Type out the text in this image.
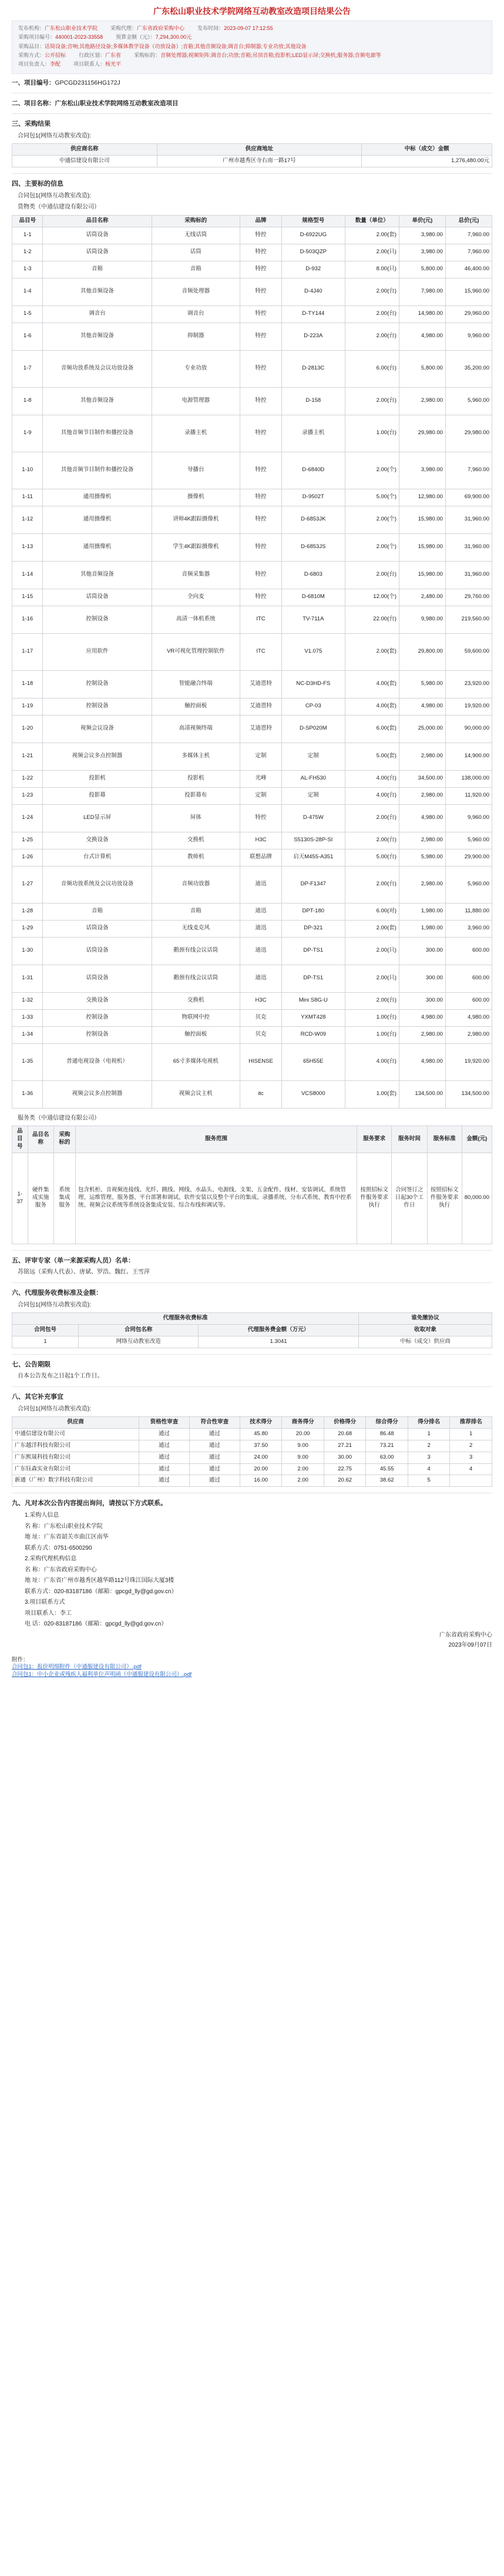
广东松山职业技术学院网络互动教室改造项目结果公告
发布机构：广东松山职业技术学院 采购代理：广东省政府采购中心 发布时间：2023-09-07 17:12:55
采购项目编号：440001-2023-33558 预算金额（元）：7,294,300.00元
采购品目：话筒设备;音响;其他路径设备;多媒体教学设备（功放设备）;音箱;其他音频设备;调音台;抑制器;专业功放;其他设备
采购方式：公开招标 行政区划：广东省 采购标的：音频处理器;视频矩阵;调音台;功放;音箱;吊顶音箱;投影机;LED显示屏;交换机;服务器;音频电源等
项目负责人：李配 项目联系人：杨光平
一、项目编号：GPCGD231156HG172J
二、项目名称：广东松山职业技术学院网络互动教室改造项目
三、采购结果
合同包1(网络互动教室改造):
供应商名称	供应商地址	中标（成交）金额
中通信建设有限公司	广州市越秀区寺右南一路17号	1,276,480.00元
四、主要标的信息
合同包1(网络互动教室改造):
货物类（中通信建设有限公司）
品目号	品目名称	采购标的	品牌	规格型号	数量（单位）	单价(元)	总价(元)
1-1	话筒设备	无线话筒	特控	D-6922UG	2.00(套)	3,980.00	7,960.00
1-2	话筒设备	话筒	特控	D-503QZP	2.00(只)	3,980.00	7,960.00
1-3	音箱	音箱	特控	D-932	8.00(只)	5,800.00	46,400.00
1-4	其他音频设备	音频处理器	特控	D-4J40	2.00(台)	7,980.00	15,960.00
1-5	调音台	调音台	特控	D-TY144	2.00(台)	14,980.00	29,960.00
1-6	其他音频设备	抑制器	特控	D-223A	2.00(台)	4,980.00	9,960.00
1-7	音频功放系统及会议功放设备	专业功放	特控	D-2813C	6.00(台)	5,800.00	35,200.00
1-8	其他音频设备	电源管理器	特控	D-158	2.00(台)	2,980.00	5,960.00
1-9	其他音频节目制作和播控设备	录播主机	特控	录播主机	1.00(台)	29,980.00	29,980.00
1-10	其他音频节目制作和播控设备	导播台	特控	D-6840D	2.00(个)	3,980.00	7,960.00
1-11	通用摄像机	摄像机	特控	D-9502T	5.00(个)	12,980.00	69,900.00
1-12	通用摄像机	讲师4K跟踪摄像机	特控	D-6853JK	2.00(个)	15,980.00	31,960.00
1-13	通用摄像机	学生4K跟踪摄像机	特控	D-6853JS	2.00(个)	15,980.00	31,960.00
1-14	其他音频设备	音频采集器	特控	D-6803	2.00(台)	15,980.00	31,960.00
1-15	话筒设备	全向麦	特控	D-6810M	12.00(个)	2,480.00	29,760.00
1-16	控制设备	高清一体机系统	ITC	TV-711A	22.00(台)	9,980.00	219,560.00
1-17	应用软件	VR可视化管理控制软件	ITC	V1.075	2.00(套)	29,800.00	59,600.00
1-18	控制设备	智能融合终端	艾迪恩特	NC-D3HD-FS	4.00(套)	5,980.00	23,920.00
1-19	控制设备	触控面板	艾迪恩特	CP-03	4.00(套)	4,980.00	19,920.00
1-20	视频会议设备	高清视频终端	艾迪恩特	D-SP020M	6.00(套)	25,000.00	90,000.00
1-21	视频会议多点控制器	多媒体主机	定制	定制	5.00(套)	2,980.00	14,900.00
1-22	投影机	投影机	光峰	AL-FH530	4.00(台)	34,500.00	138,000.00
1-23	投影幕	投影幕布	定制	定制	4.00(台)	2,980.00	11,920.00
1-24	LED显示屏	屏体	特控	D-475W	2.00(台)	4,980.00	9,960.00
1-25	交换设备	交换机	H3C	S5130S-28P-SI	2.00(台)	2,980.00	5,960.00
1-26	台式计算机	教师机	联想品牌	启天M455-A351	5.00(台)	5,980.00	29,900.00
1-27	音频功放系统及会议功放设备	音频功放器	迪迅	DP-F1347	2.00(台)	2,980.00	5,960.00
1-28	音箱	音箱	迪迅	DPT-180	6.00(对)	1,980.00	11,880.00
1-29	话筒设备	无线麦克风	迪迅	DP-321	2.00(套)	1,980.00	3,960.00
1-30	话筒设备	鹅颈有线会议话筒	迪迅	DP-TS1	2.00(只)	300.00	600.00
1-31	话筒设备	鹅颈有线会议话筒	迪迅	DP-TS1	2.00(只)	300.00	600.00
1-32	交换设备	交换机	H3C	Mini S8G-U	2.00(台)	300.00	600.00
1-33	控制设备	物联网中控	贝克	YXMT428	1.00(台)	4,980.00	4,980.00
1-34	控制设备	触控面板	贝克	RCD-W09	1.00(台)	2,980.00	2,980.00
1-35	普通电视设备（电视机）	65寸多媒体电视机	HISENSE	65H55E	4.00(台)	4,980.00	19,920.00
1-36	视频会议多点控制器	视频会议主机	itc	VCS8000	1.00(套)	134,500.00	134,500.00
服务类（中通信建设有限公司）
品目号	品目名称	采购标的	服务范围	服务要求	服务时间	服务标准	金额(元)
1-37	硬件集成实施服务	系统集成服务	包含机柜、音视频连接线、光纤、跳线、网线、水晶头、电源线、支架、五金配件、线材、安装调试、系统管理、运维管理、服务器、平台部署和调试、软件安装以及整个平台的集成、录播系统、分布式系统、教育中控系统、视频会议系统等系统设备集成安装、综合布线和调试等。	按照招标文件服务要求执行	合同签订之日起30个工作日	按照招标文件服务要求执行	80,000.00
五、评审专家（单一来源采购人员）名单：
苏铭远（采购人代表）、唐斌、罗浩、魏红、王雪萍
六、代理服务收费标准及金额：
合同包1(网络互动教室改造):
代理服务收费标准			谁免缴协议
合同包号	合同包名称	代理服务费金额（万元）	收取对象
1	网络互动教室改造	1.3041	中标（成交）供应商
七、公告期限
自本公告发布之日起1个工作日。
八、其它补充事宜
合同包1(网络互动教室改造):
供应商	资格性审查	符合性审查	技术得分	商务得分	价格得分	综合得分	得分排名	推荐排名
中通信建设有限公司	通过	通过	45.80	20.00	20.68	86.48	1	1
广东越洋科技有限公司	通过	通过	37.50	9.00	27.21	73.21	2	2
广东熙晟科技有限公司	通过	通过	24.00	9.00	30.00	63.00	3	3
广东钰森实业有限公司	通过	通过	20.00	2.00	22.75	45.55	4	4
新通（广州）数字科技有限公司	通过	通过	16.00	2.00	20.62	38.62	5	
九、凡对本次公告内容提出询问，请按以下方式联系。
1.采购人信息
名 称：广东松山职业技术学院
地 址：广东省韶关市曲江区南华
联系方式：0751-6500290
2.采购代理机构信息
名 称：广东省政府采购中心
地 址：广东省广州市越秀区越华路112号珠江国际大厦3楼
联系方式：020-83187186（邮箱：gpcgd_lly@gd.gov.cn）
3.项目联系方式
项目联系人：李工
电 话：020-83187186（邮箱：gpcgd_lly@gd.gov.cn）
广东省政府采购中心
2023年09月07日
附件：
合同包1：报价明细附件（中通服建设有限公司）.pdf
合同包1：中小企业或残疾人福利单位声明函（中通服建设有限公司）.pdf
